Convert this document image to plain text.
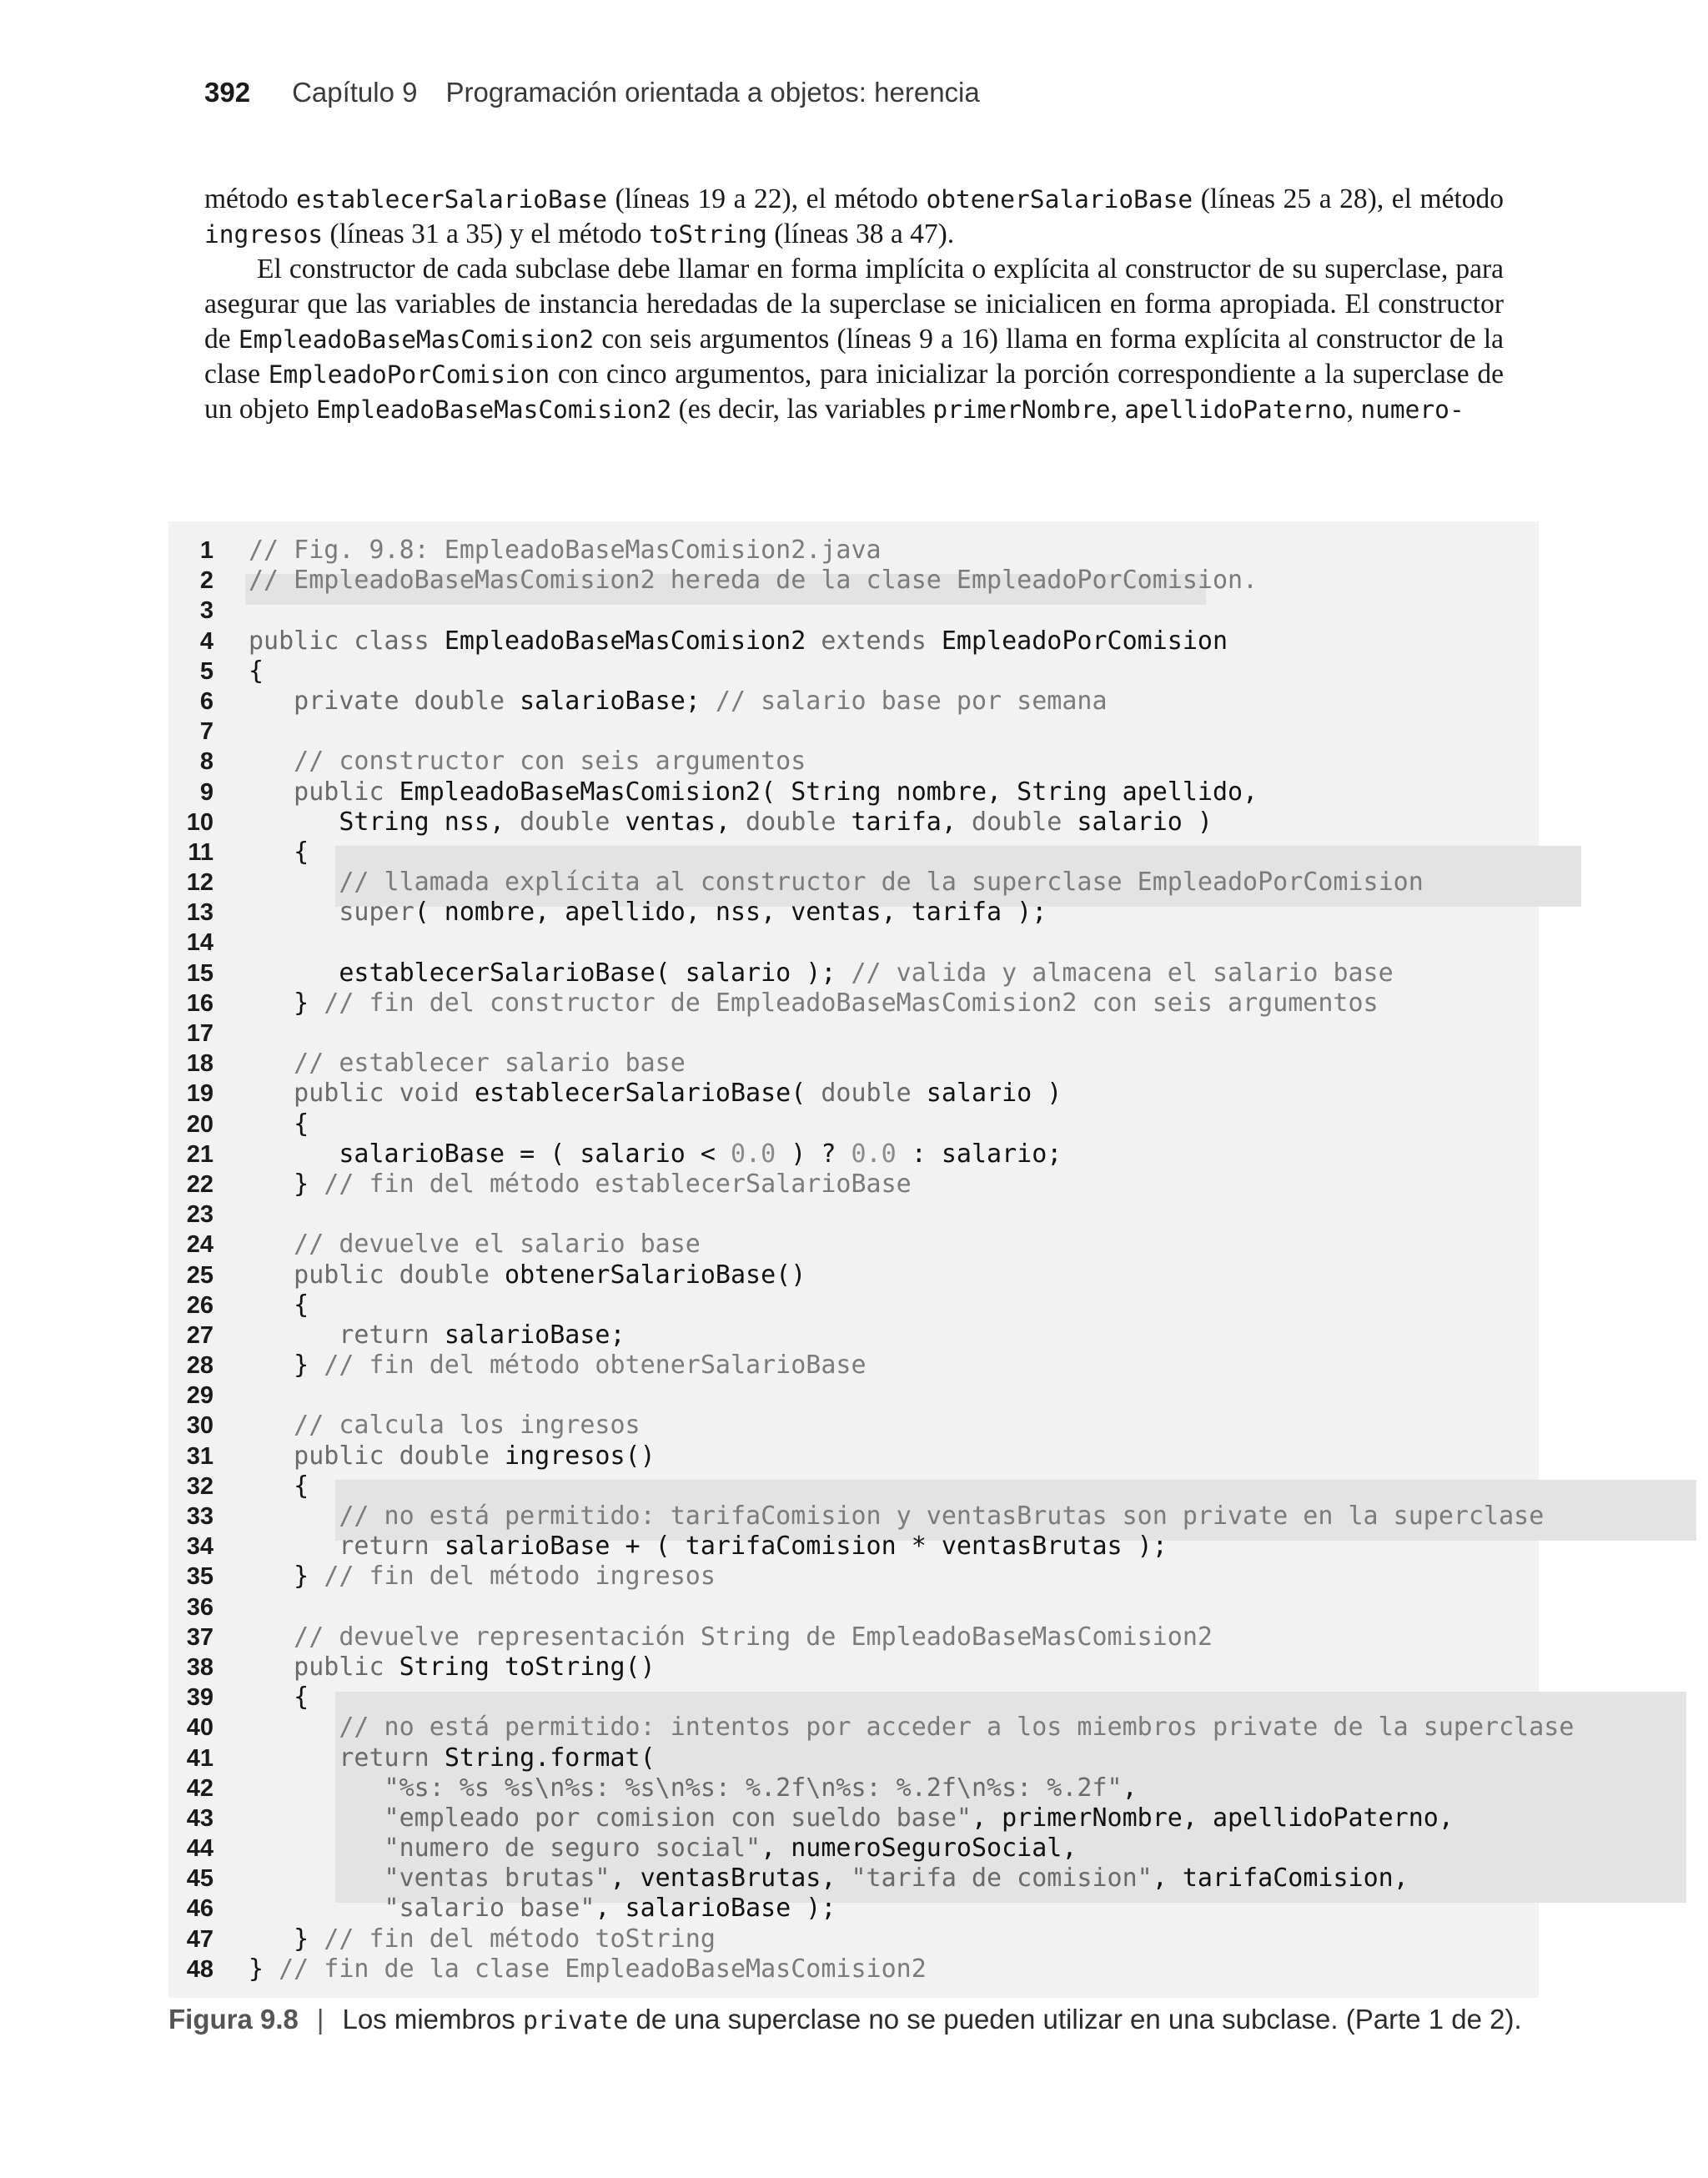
392 Capítulo 9 Programación orientada a objetos: herencia

método establecerSalarioBase (líneas 19 a 22), el método obtenerSalarioBase (líneas 25 a 28), el método ingresos (líneas 31 a 35) y el método toString (líneas 38 a 47).

El constructor de cada subclase debe llamar en forma implícita o explícita al constructor de su superclase, para asegurar que las variables de instancia heredadas de la superclase se inicialicen en forma apropiada. El constructor de EmpleadoBaseMasComision2 con seis argumentos (líneas 9 a 16) llama en forma explícita al constructor de la clase EmpleadoPorComision con cinco argumentos, para inicializar la porción correspondiente a la superclase de un objeto EmpleadoBaseMasComision2 (es decir, las variables primerNombre, apellidoPaterno, numero-

1 // Fig. 9.8: EmpleadoBaseMasComision2.java
2 // EmpleadoBaseMasComision2 hereda de la clase EmpleadoPorComision.
3
4 public class EmpleadoBaseMasComision2 extends EmpleadoPorComision
5 {
6 private double salarioBase; // salario base por semana
7
8 // constructor con seis argumentos
9 public EmpleadoBaseMasComision2( String nombre, String apellido,
10 String nss, double ventas, double tarifa, double salario )
11 {
12 // llamada explícita al constructor de la superclase EmpleadoPorComision
13 super( nombre, apellido, nss, ventas, tarifa );
14
15 establecerSalarioBase( salario ); // valida y almacena el salario base
16 } // fin del constructor de EmpleadoBaseMasComision2 con seis argumentos
17
18 // establecer salario base
19 public void establecerSalarioBase( double salario )
20 {
21 salarioBase = ( salario < 0.0 ) ? 0.0 : salario;
22 } // fin del método establecerSalarioBase
23
24 // devuelve el salario base
25 public double obtenerSalarioBase()
26 {
27 return salarioBase;
28 } // fin del método obtenerSalarioBase
29
30 // calcula los ingresos
31 public double ingresos()
32 {
33 // no está permitido: tarifaComision y ventasBrutas son private en la superclase
34 return salarioBase + ( tarifaComision * ventasBrutas );
35 } // fin del método ingresos
36
37 // devuelve representación String de EmpleadoBaseMasComision2
38 public String toString()
39 {
40 // no está permitido: intentos por acceder a los miembros private de la superclase
41 return String.format(
42 "%s: %s %s\n%s: %s\n%s: %.2f\n%s: %.2f\n%s: %.2f",
43 "empleado por comision con sueldo base", primerNombre, apellidoPaterno,
44 "numero de seguro social", numeroSeguroSocial,
45 "ventas brutas", ventasBrutas, "tarifa de comision", tarifaComision,
46 "salario base", salarioBase );
47 } // fin del método toString
48 } // fin de la clase EmpleadoBaseMasComision2
Figura 9.8 | Los miembros private de una superclase no se pueden utilizar en una subclase. (Parte 1 de 2).
